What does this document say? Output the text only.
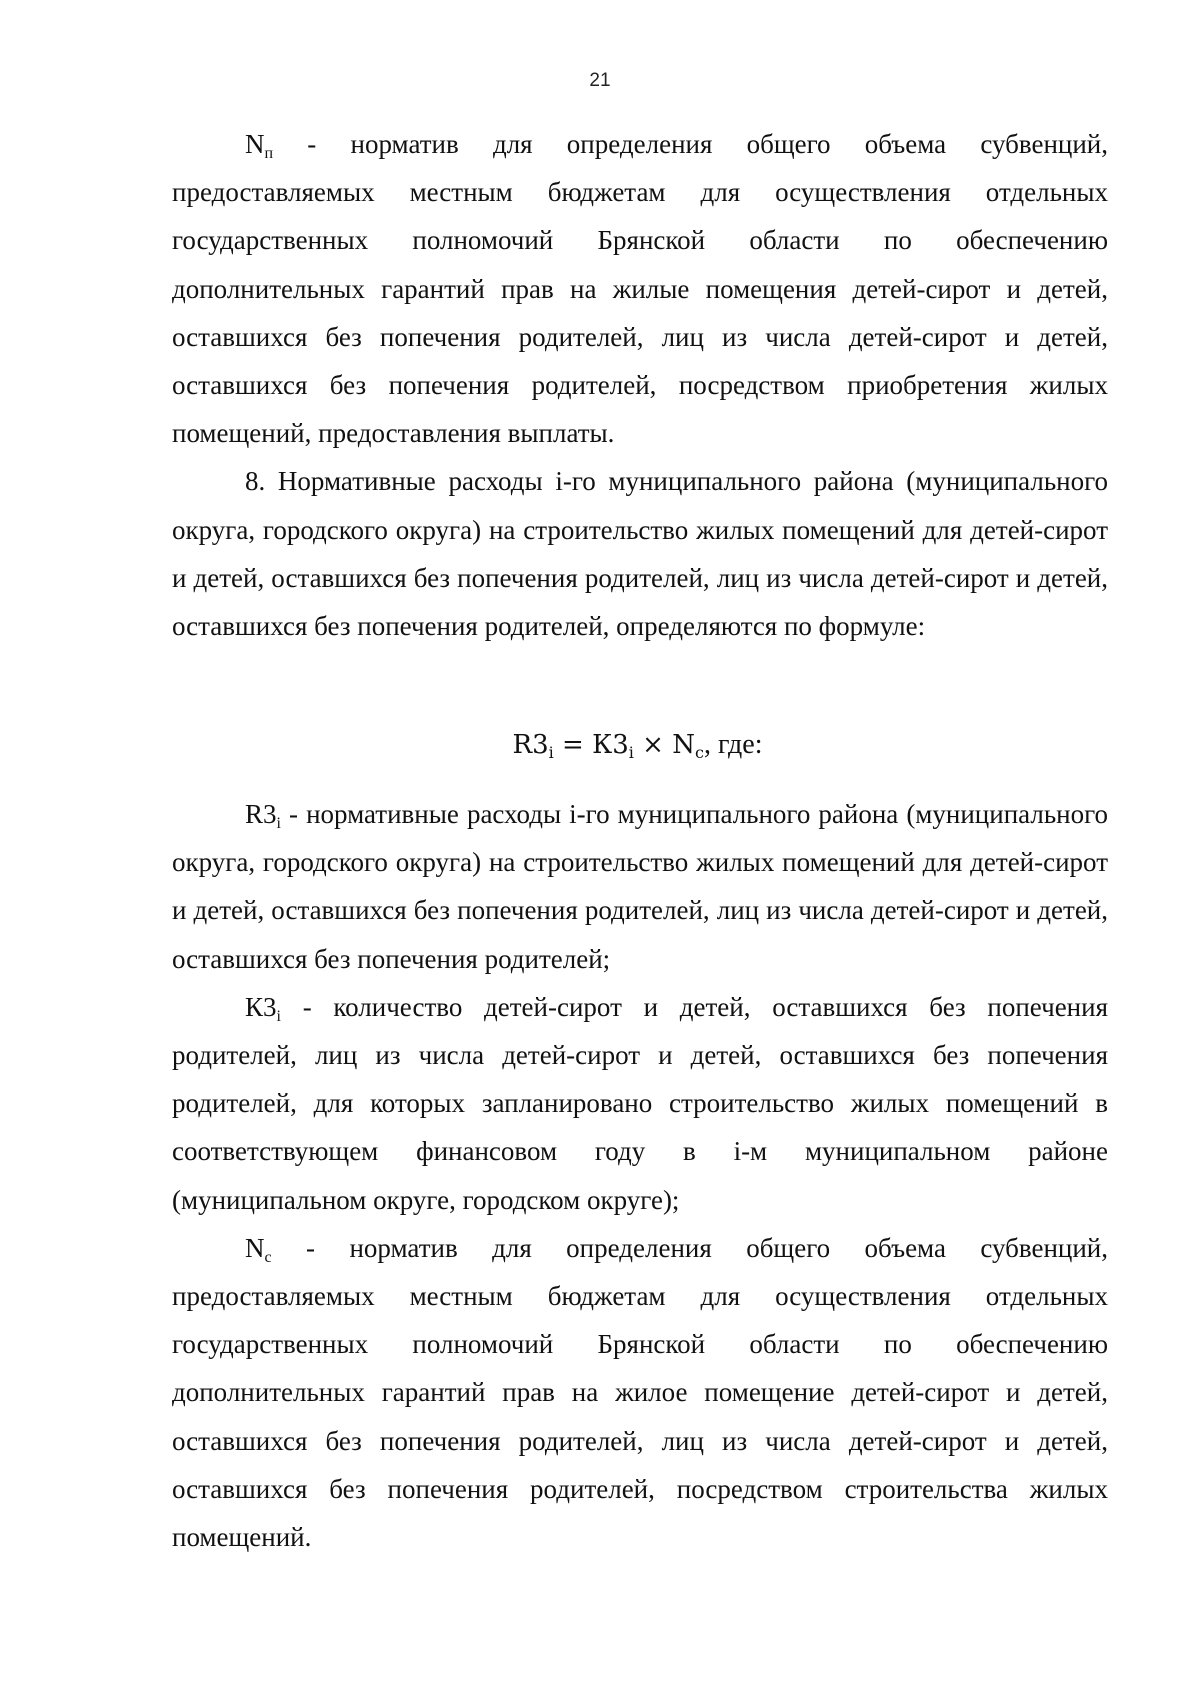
21

$N_п$ - норматив для определения общего объема субвенций, предоставляемых местным бюджетам для осуществления отдельных государственных полномочий Брянской области по обеспечению дополнительных гарантий прав на жилые помещения детей-сирот и детей, оставшихся без попечения родителей, лиц из числа детей-сирот и детей, оставшихся без попечения родителей, посредством приобретения жилых помещений, предоставления выплаты.

8. Нормативные расходы i-го муниципального района (муниципального округа, городского округа) на строительство жилых помещений для детей-сирот и детей, оставшихся без попечения родителей, лиц из числа детей-сирот и детей, оставшихся без попечения родителей, определяются по формуле:

$R3_i = К3_i \times N_c$, где:

$R3_i$ - нормативные расходы i-го муниципального района (муниципального округа, городского округа) на строительство жилых помещений для детей-сирот и детей, оставшихся без попечения родителей, лиц из числа детей-сирот и детей, оставшихся без попечения родителей;

$К3_i$ - количество детей-сирот и детей, оставшихся без попечения родителей, лиц из числа детей-сирот и детей, оставшихся без попечения родителей, для которых запланировано строительство жилых помещений в соответствующем финансовом году в i-м муниципальном районе (муниципальном округе, городском округе);

$N_c$ - норматив для определения общего объема субвенций, предоставляемых местным бюджетам для осуществления отдельных государственных полномочий Брянской области по обеспечению дополнительных гарантий прав на жилое помещение детей-сирот и детей, оставшихся без попечения родителей, лиц из числа детей-сирот и детей, оставшихся без попечения родителей, посредством строительства жилых помещений.
